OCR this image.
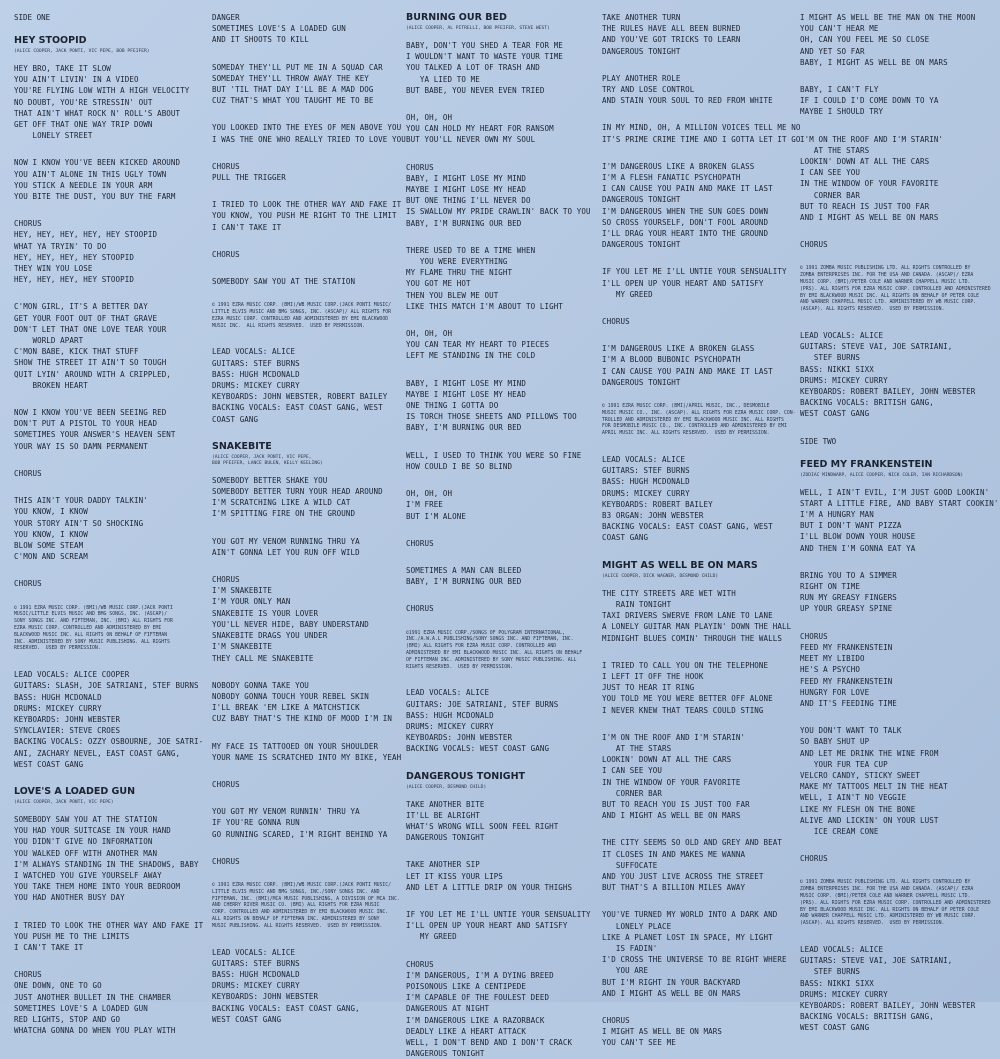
SIDE ONE
HEY STOOPID
(ALICE COOPER, JACK PONTI, VIC PEPE, BOB PFEIFER)
HEY BRO, TAKE IT SLOW
YOU AIN'T LIVIN' IN A VIDEO
YOU'RE FLYING LOW WITH A HIGH VELOCITY
NO DOUBT, YOU'RE STRESSIN' OUT
THAT AIN'T WHAT ROCK N' ROLL'S ABOUT
GET OFF THAT ONE WAY TRIP DOWN
LONELY STREET
NOW I KNOW YOU'VE BEEN KICKED AROUND
YOU AIN'T ALONE IN THIS UGLY TOWN
YOU STICK A NEEDLE IN YOUR ARM
YOU BITE THE DUST, YOU BUY THE FARM
CHORUS
HEY, HEY, HEY, HEY, HEY STOOPID
WHAT YA TRYIN' TO DO
HEY, HEY, HEY, HEY STOOPID
THEY WIN YOU LOSE
HEY, HEY, HEY, HEY STOOPID
C'MON GIRL, IT'S A BETTER DAY
GET YOUR FOOT OUT OF THAT GRAVE
DON'T LET THAT ONE LOVE TEAR YOUR
WORLD APART
C'MON BABE, KICK THAT STUFF
SHOW THE STREET IT AIN'T SO TOUGH
QUIT LYIN' AROUND WITH A CRIPPLED,
BROKEN HEART
NOW I KNOW YOU'VE BEEN SEEING RED
DON'T PUT A PISTOL TO YOUR HEAD
SOMETIMES YOUR ANSWER'S HEAVEN SENT
YOUR WAY IS SO DAMN PERMANENT
CHORUS
THIS AIN'T YOUR DADDY TALKIN'
YOU KNOW, I KNOW
YOUR STORY AIN'T SO SHOCKING
YOU KNOW, I KNOW
BLOW SOME STEAM
C'MON AND SCREAM
CHORUS
© 1991 EZRA MUSIC CORP. (BMI)/WB MUSIC CORP.(JACK PONTI
MUSIC/LITTLE ELVIS MUSIC AND BMG SONGS, INC. (ASCAP)/
SONY SONGS INC. AND FIFTEMAN, INC. (BMI) ALL RIGHTS FOR
EZRA MUSIC CORP. CONTROLLED AND ADMINISTERED BY EMI
BLACKWOOD MUSIC INC. ALL RIGHTS ON BEHALF OF FIFTEMAN
INC. ADMINISTERED BY SONY MUSIC PUBLISHING. ALL RIGHTS
RESERVED.  USED BY PERMISSION.
LEAD VOCALS: ALICE COOPER
GUITARS: SLASH, JOE SATRIANI, STEF BURNS
BASS: HUGH MCDONALD
DRUMS: MICKEY CURRY
KEYBOARDS: JOHN WEBSTER
SYNCLAVIER: STEVE CROES
BACKING VOCALS: OZZY OSBOURNE, JOE SATRI-
ANI, ZACHARY NEVEL, EAST COAST GANG,
WEST COAST GANG
LOVE'S A LOADED GUN
(ALICE COOPER, JACK PONTI, VIC PEPE)
SOMEBODY SAW YOU AT THE STATION
YOU HAD YOUR SUITCASE IN YOUR HAND
YOU DIDN'T GIVE NO INFORMATION
YOU WALKED OFF WITH ANOTHER MAN
I'M ALWAYS STANDING IN THE SHADOWS, BABY
I WATCHED YOU GIVE YOURSELF AWAY
YOU TAKE THEM HOME INTO YOUR BEDROOM
YOU HAD ANOTHER BUSY DAY
I TRIED TO LOOK THE OTHER WAY AND FAKE IT
YOU PUSH ME TO THE LIMITS
I CAN'T TAKE IT
CHORUS
ONE DOWN, ONE TO GO
JUST ANOTHER BULLET IN THE CHAMBER
SOMETIMES LOVE'S A LOADED GUN
RED LIGHTS, STOP AND GO
WHATCHA GONNA DO WHEN YOU PLAY WITH
DANGER
SOMETIMES LOVE'S A LOADED GUN
AND IT SHOOTS TO KILL
SOMEDAY THEY'LL PUT ME IN A SQUAD CAR
SOMEDAY THEY'LL THROW AWAY THE KEY
BUT 'TIL THAT DAY I'LL BE A MAD DOG
CUZ THAT'S WHAT YOU TAUGHT ME TO BE
YOU LOOKED INTO THE EYES OF MEN ABOVE YOU
I WAS THE ONE WHO REALLY TRIED TO LOVE YOU
CHORUS
PULL THE TRIGGER
I TRIED TO LOOK THE OTHER WAY AND FAKE IT
YOU KNOW, YOU PUSH ME RIGHT TO THE LIMIT
I CAN'T TAKE IT
CHORUS
SOMEBODY SAW YOU AT THE STATION
© 1991 EZRA MUSIC CORP. (BMI)/WB MUSIC CORP.(JACK PONTI MUSIC/
LITTLE ELVIS MUSIC AND BMG SONGS, INC. (ASCAP)/ ALL RIGHTS FOR
EZRA MUSIC CORP. CONTROLLED AND ADMINISTERED BY EMI BLACKWOOD
MUSIC INC.  ALL RIGHTS RESERVED.  USED BY PERMISSION.
LEAD VOCALS: ALICE
GUITARS: STEF BURNS
BASS: HUGH MCDONALD
DRUMS: MICKEY CURRY
KEYBOARDS: JOHN WEBSTER, ROBERT BAILEY
BACKING VOCALS: EAST COAST GANG, WEST
COAST GANG
SNAKEBITE
(ALICE COOPER, JACK PONTI, VIC PEPE,
BOB PFEIFER, LANCE BULEN, KELLY KEELING)
SOMEBODY BETTER SHAKE YOU
SOMEBODY BETTER TURN YOUR HEAD AROUND
I'M SCRATCHING LIKE A WILD CAT
I'M SPITTING FIRE ON THE GROUND
YOU GOT MY VENOM RUNNING THRU YA
AIN'T GONNA LET YOU RUN OFF WILD
CHORUS
I'M SNAKEBITE
I'M YOUR ONLY MAN
SNAKEBITE IS YOUR LOVER
YOU'LL NEVER HIDE, BABY UNDERSTAND
SNAKEBITE DRAGS YOU UNDER
I'M SNAKEBITE
THEY CALL ME SNAKEBITE
NOBODY GONNA TAKE YOU
NOBODY GONNA TOUCH YOUR REBEL SKIN
I'LL BREAK 'EM LIKE A MATCHSTICK
CUZ BABY THAT'S THE KIND OF MOOD I'M IN
MY FACE IS TATTOOED ON YOUR SHOULDER
YOUR NAME IS SCRATCHED INTO MY BIKE, YEAH
CHORUS
YOU GOT MY VENOM RUNNIN' THRU YA
IF YOU'RE GONNA RUN
GO RUNNING SCARED, I'M RIGHT BEHIND YA
CHORUS
© 1991 EZRA MUSIC CORP. (BMI)/WB MUSIC CORP.(JACK PONTI MUSIC/
LITTLE ELVIS MUSIC AND BMG SONGS, INC./SONY SONGS INC. AND
FIFTEMAN, INC. (BMI)/MCA MUSIC PUBLISHING, A DIVISION OF MCA INC.
AND CHERRY RIVER MUSIC CO. (BMI) ALL RIGHTS FOR EZRA MUSIC
CORP. CONTROLLED AND ADMINISTERED BY EMI BLACKWOOD MUSIC INC.
ALL RIGHTS ON BEHALF OF FIFTEMAN INC. ADMINISTERED BY SONY
MUSIC PUBLISHING. ALL RIGHTS RESERVED.  USED BY PERMISSION.
LEAD VOCALS: ALICE
GUITARS: STEF BURNS
BASS: HUGH MCDONALD
DRUMS: MICKEY CURRY
KEYBOARDS: JOHN WEBSTER
BACKING VOCALS: EAST COAST GANG,
WEST COAST GANG
BURNING OUR BED
(ALICE COOPER, AL PITRELLI, BOB PFEIFER, STEVE WEST)
BABY, DON'T YOU SHED A TEAR FOR ME
I WOULDN'T WANT TO WASTE YOUR TIME
YOU TALKED A LOT OF TRASH AND
YA LIED TO ME
BUT BABE, YOU NEVER EVEN TRIED
OH, OH, OH
YOU CAN HOLD MY HEART FOR RANSOM
BUT YOU'LL NEVER OWN MY SOUL
CHORUS
BABY, I MIGHT LOSE MY MIND
MAYBE I MIGHT LOSE MY HEAD
BUT ONE THING I'LL NEVER DO
IS SWALLOW MY PRIDE CRAWLIN' BACK TO YOU
BABY, I'M BURNING OUR BED
THERE USED TO BE A TIME WHEN
YOU WERE EVERYTHING
MY FLAME THRU THE NIGHT
YOU GOT ME HOT
THEN YOU BLEW ME OUT
LIKE THIS MATCH I'M ABOUT TO LIGHT
OH, OH, OH
YOU CAN TEAR MY HEART TO PIECES
LEFT ME STANDING IN THE COLD
BABY, I MIGHT LOSE MY MIND
MAYBE I MIGHT LOSE MY HEAD
ONE THING I GOTTA DO
IS TORCH THOSE SHEETS AND PILLOWS TOO
BABY, I'M BURNING OUR BED
WELL, I USED TO THINK YOU WERE SO FINE
HOW COULD I BE SO BLIND
OH, OH, OH
I'M FREE
BUT I'M ALONE
CHORUS
SOMETIMES A MAN CAN BLEED
BABY, I'M BURNING OUR BED
CHORUS
©1991 EZRA MUSIC CORP./SONGS OF POLYGRAM INTERNATIONAL,
INC./A.W.A.L PUBLISHING/SONY SONGS INC. AND FIFTEMAN, INC.
(BMI) ALL RIGHTS FOR EZRA MUSIC CORP. CONTROLLED AND
ADMINISTERED BY EMI BLACKWOOD MUSIC INC. ALL RIGHTS ON BEHALF
OF FIFTEMAN INC. ADMINISTERED BY SONY MUSIC PUBLISHING. ALL
RIGHTS RESERVED.  USED BY PERMISSION.
LEAD VOCALS: ALICE
GUITARS: JOE SATRIANI, STEF BURNS
BASS: HUGH MCDONALD
DRUMS: MICKEY CURRY
KEYBOARDS: JOHN WEBSTER
BACKING VOCALS: WEST COAST GANG
DANGEROUS TONIGHT
(ALICE COOPER, DESMOND CHILD)
TAKE ANOTHER BITE
IT'LL BE ALRIGHT
WHAT'S WRONG WILL SOON FEEL RIGHT
DANGEROUS TONIGHT
TAKE ANOTHER SIP
LET IT KISS YOUR LIPS
AND LET A LITTLE DRIP ON YOUR THIGHS
IF YOU LET ME I'LL UNTIE YOUR SENSUALITY
I'LL OPEN UP YOUR HEART AND SATISFY
MY GREED
CHORUS
I'M DANGEROUS, I'M A DYING BREED
POISONOUS LIKE A CENTIPEDE
I'M CAPABLE OF THE FOULEST DEED
DANGEROUS AT NIGHT
I'M DANGEROUS LIKE A RAZORBACK
DEADLY LIKE A HEART ATTACK
WELL, I DON'T BEND AND I DON'T CRACK
DANGEROUS TONIGHT
TAKE ANOTHER TURN
THE RULES HAVE ALL BEEN BURNED
AND YOU'VE GOT TRICKS TO LEARN
DANGEROUS TONIGHT
PLAY ANOTHER ROLE
TRY AND LOSE CONTROL
AND STAIN YOUR SOUL TO RED FROM WHITE
IN MY MIND, OH, A MILLION VOICES TELL ME NO
IT'S PRIME CRIME TIME AND I GOTTA LET IT GO
I'M DANGEROUS LIKE A BROKEN GLASS
I'M A FLESH FANATIC PSYCHOPATH
I CAN CAUSE YOU PAIN AND MAKE IT LAST
DANGEROUS TONIGHT
I'M DANGEROUS WHEN THE SUN GOES DOWN
SO CROSS YOURSELF, DON'T FOOL AROUND
I'LL DRAG YOUR HEART INTO THE GROUND
DANGEROUS TONIGHT
IF YOU LET ME I'LL UNTIE YOUR SENSUALITY
I'LL OPEN UP YOUR HEART AND SATISFY
MY GREED
CHORUS
I'M DANGEROUS LIKE A BROKEN GLASS
I'M A BLOOD BUBONIC PSYCHOPATH
I CAN CAUSE YOU PAIN AND MAKE IT LAST
DANGEROUS TONIGHT
© 1991 EZRA MUSIC CORP. (BMI)/APRIL MUSIC, INC., DESMOBILE
MUSIC MUSIC CO., INC. (ASCAP). ALL RIGHTS FOR EZRA MUSIC CORP. CON-
TROLLED AND ADMINISTERED BY EMI BLACKWOOD MUSIC INC. ALL RIGHTS
FOR DESMOBILE MUSIC CO., INC. CONTROLLED AND ADMINISTERED BY EMI
APRIL MUSIC INC. ALL RIGHTS RESERVED.  USED BY PERMISSION.
LEAD VOCALS: ALICE
GUITARS: STEF BURNS
BASS: HUGH MCDONALD
DRUMS: MICKEY CURRY
KEYBOARDS: ROBERT BAILEY
B3 ORGAN: JOHN WEBSTER
BACKING VOCALS: EAST COAST GANG, WEST
COAST GANG
MIGHT AS WELL BE ON MARS
(ALICE COOPER, DICK WAGNER, DESMOND CHILD)
THE CITY STREETS ARE WET WITH
RAIN TONIGHT
TAXI DRIVERS SWERVE FROM LANE TO LANE
A LONELY GUITAR MAN PLAYIN' DOWN THE HALL
MIDNIGHT BLUES COMIN' THROUGH THE WALLS
I TRIED TO CALL YOU ON THE TELEPHONE
I LEFT IT OFF THE HOOK
JUST TO HEAR IT RING
YOU TOLD ME YOU WERE BETTER OFF ALONE
I NEVER KNEW THAT TEARS COULD STING
I'M ON THE ROOF AND I'M STARIN'
AT THE STARS
LOOKIN' DOWN AT ALL THE CARS
I CAN SEE YOU
IN THE WINDOW OF YOUR FAVORITE
CORNER BAR
BUT TO REACH YOU IS JUST TOO FAR
AND I MIGHT AS WELL BE ON MARS
THE CITY SEEMS SO OLD AND GREY AND BEAT
IT CLOSES IN AND MAKES ME WANNA
SUFFOCATE
AND YOU JUST LIVE ACROSS THE STREET
BUT THAT'S A BILLION MILES AWAY
YOU'VE TURNED MY WORLD INTO A DARK AND
LONELY PLACE
LIKE A PLANET LOST IN SPACE, MY LIGHT
IS FADIN'
I'D CROSS THE UNIVERSE TO BE RIGHT WHERE
YOU ARE
BUT I'M RIGHT IN YOUR BACKYARD
AND I MIGHT AS WELL BE ON MARS
CHORUS
I MIGHT AS WELL BE ON MARS
YOU CAN'T SEE ME
I MIGHT AS WELL BE THE MAN ON THE MOON
YOU CAN'T HEAR ME
OH, CAN YOU FEEL ME SO CLOSE
AND YET SO FAR
BABY, I MIGHT AS WELL BE ON MARS
BABY, I CAN'T FLY
IF I COULD I'D COME DOWN TO YA
MAYBE I SHOULD TRY
I'M ON THE ROOF AND I'M STARIN'
AT THE STARS
LOOKIN' DOWN AT ALL THE CARS
I CAN SEE YOU
IN THE WINDOW OF YOUR FAVORITE
CORNER BAR
BUT TO REACH IS JUST TOO FAR
AND I MIGHT AS WELL BE ON MARS
CHORUS
© 1991 ZOMBA MUSIC PUBLISHING LTD. ALL RIGHTS CONTROLLED BY
ZOMBA ENTERPRISES INC. FOR THE USA AND CANADA. (ASCAP)/ EZRA
MUSIC CORP. (BMI)/PETER COLE AND WARNER CHAPPELL MUSIC LTD.
(PRS). ALL RIGHTS FOR EZRA MUSIC CORP. CONTROLLED AND ADMINISTERED
BY EMI BLACKWOOD MUSIC INC. ALL RIGHTS ON BEHALF OF PETER COLE
AND WARNER CHAPPELL MUSIC LTD. ADMINISTERED BY WB MUSIC CORP.
(ASCAP). ALL RIGHTS RESERVED.  USED BY PERMISSION.
LEAD VOCALS: ALICE
GUITARS: STEVE VAI, JOE SATRIANI,
STEF BURNS
BASS: NIKKI SIXX
DRUMS: MICKEY CURRY
KEYBOARDS: ROBERT BAILEY, JOHN WEBSTER
BACKING VOCALS: BRITISH GANG,
WEST COAST GANG
SIDE TWO
FEED MY FRANKENSTEIN
(ZODIAC MINDWARP, ALICE COOPER, NICK COLER, IAN RICHARDSON)
WELL, I AIN'T EVIL, I'M JUST GOOD LOOKIN'
START A LITTLE FIRE, AND BABY START COOKIN'
I'M A HUNGRY MAN
BUT I DON'T WANT PIZZA
I'LL BLOW DOWN YOUR HOUSE
AND THEN I'M GONNA EAT YA
BRING YOU TO A SIMMER
RIGHT ON TIME
RUN MY GREASY FINGERS
UP YOUR GREASY SPINE
CHORUS
FEED MY FRANKENSTEIN
MEET MY LIBIDO
HE'S A PSYCHO
FEED MY FRANKENSTEIN
HUNGRY FOR LOVE
AND IT'S FEEDING TIME
YOU DON'T WANT TO TALK
SO BABY SHUT UP
AND LET ME DRINK THE WINE FROM
YOUR FUR TEA CUP
VELCRO CANDY, STICKY SWEET
MAKE MY TATTOOS MELT IN THE HEAT
WELL, I AIN'T NO VEGGIE
LIKE MY FLESH ON THE BONE
ALIVE AND LICKIN' ON YOUR LUST
ICE CREAM CONE
CHORUS
© 1991 ZOMBA MUSIC PUBLISHING LTD. ALL RIGHTS CONTROLLED BY
ZOMBA ENTERPRISES INC. FOR THE USA AND CANADA. (ASCAP)/ EZRA
MUSIC CORP. (BMI)/PETER COLE AND WARNER CHAPPELL MUSIC LTD.
(PRS). ALL RIGHTS FOR EZRA MUSIC CORP. CONTROLLED AND ADMINISTERED
BY EMI BLACKWOOD MUSIC INC. ALL RIGHTS ON BEHALF OF PETER COLE
AND WARNER CHAPPELL MUSIC LTD. ADMINISTERED BY WB MUSIC CORP.
(ASCAP). ALL RIGHTS RESERVED.  USED BY PERMISSION.
LEAD VOCALS: ALICE
GUITARS: STEVE VAI, JOE SATRIANI,
STEF BURNS
BASS: NIKKI SIXX
DRUMS: MICKEY CURRY
KEYBOARDS: ROBERT BAILEY, JOHN WEBSTER
BACKING VOCALS: BRITISH GANG,
WEST COAST GANG
